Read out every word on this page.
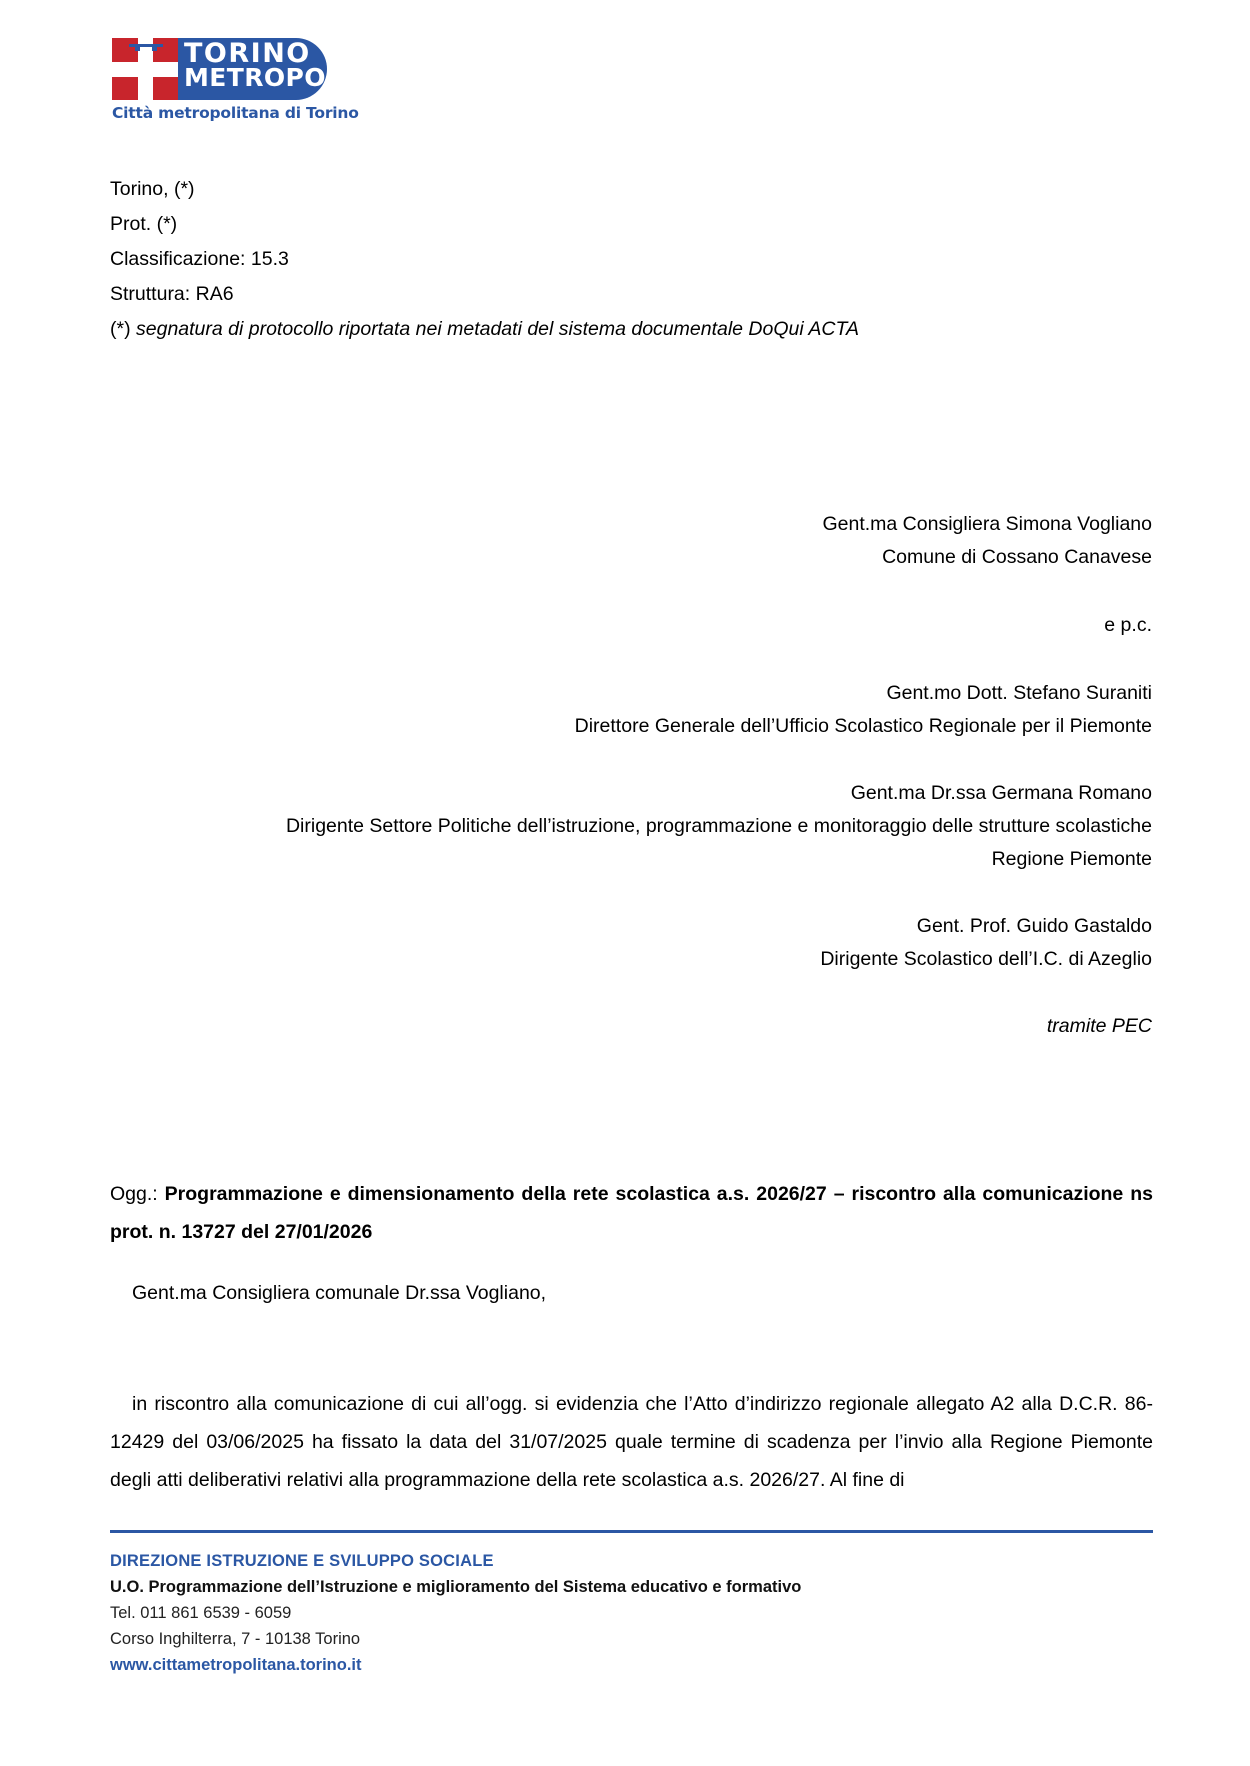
TORINO
METROPOLI
Città metropolitana di Torino
Torino, (*)
Prot. (*)
Classificazione: 15.3
Struttura: RA6
(*) segnatura di protocollo riportata nei metadati del sistema documentale DoQui ACTA
Gent.ma Consigliera Simona Vogliano
Comune di Cossano Canavese
e p.c.
Gent.mo Dott. Stefano Suraniti
Direttore Generale dell’Ufficio Scolastico Regionale per il Piemonte
Gent.ma Dr.ssa Germana Romano
Dirigente Settore Politiche dell’istruzione, programmazione e monitoraggio delle strutture scolastiche
Regione Piemonte
Gent. Prof. Guido Gastaldo
Dirigente Scolastico dell’I.C. di Azeglio
tramite PEC
Ogg.: Programmazione e dimensionamento della rete scolastica a.s. 2026/27 – riscontro alla comunicazione ns prot. n. 13727 del 27/01/2026
Gent.ma Consigliera comunale Dr.ssa Vogliano,
in riscontro alla comunicazione di cui all’ogg. si evidenzia che l’Atto d’indirizzo regionale allegato A2 alla D.C.R. 86-12429 del 03/06/2025 ha fissato la data del 31/07/2025 quale termine di scadenza per l’invio alla Regione Piemonte degli atti deliberativi relativi alla programmazione della rete scolastica a.s. 2026/27. Al fine di
DIREZIONE ISTRUZIONE E SVILUPPO SOCIALE
U.O. Programmazione dell’Istruzione e miglioramento del Sistema educativo e formativo
Tel. 011 861 6539 - 6059
Corso Inghilterra, 7 - 10138 Torino
www.cittametropolitana.torino.it
